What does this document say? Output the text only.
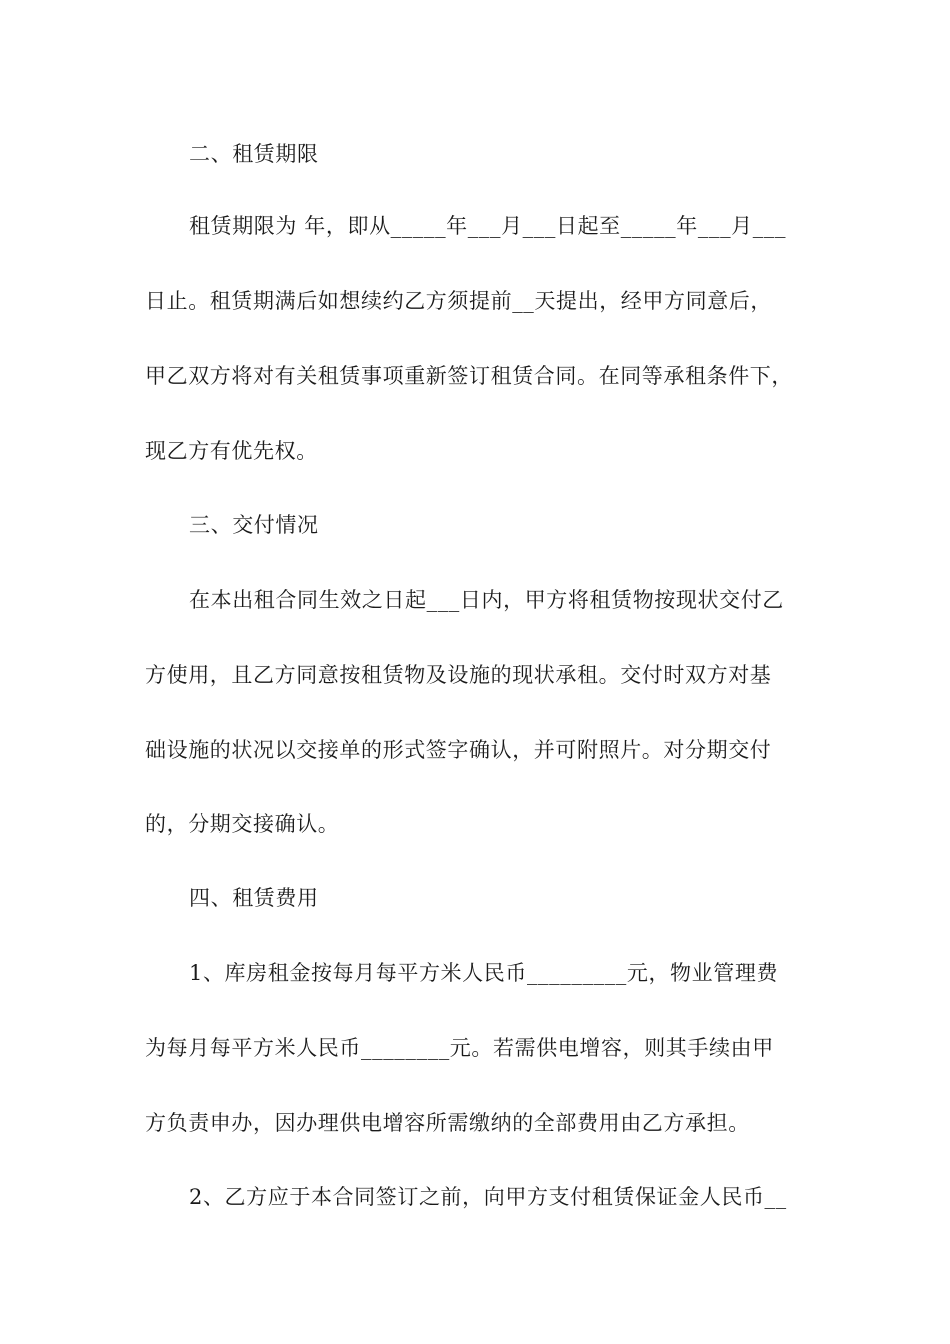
二、租赁期限
租赁期限为 年，即从_____年___月___日起至_____年___月___
日止。租赁期满后如想续约乙方须提前__天提出，经甲方同意后，
甲乙双方将对有关租赁事项重新签订租赁合同。在同等承租条件下，
现乙方有优先权。
三、交付情况
在本出租合同生效之日起___日内，甲方将租赁物按现状交付乙
方使用，且乙方同意按租赁物及设施的现状承租。交付时双方对基
础设施的状况以交接单的形式签字确认，并可附照片。对分期交付
的，分期交接确认。
四、租赁费用
1、库房租金按每月每平方米人民币_________元，物业管理费
为每月每平方米人民币________元。若需供电增容，则其手续由甲
方负责申办，因办理供电增容所需缴纳的全部费用由乙方承担。
2、乙方应于本合同签订之前，向甲方支付租赁保证金人民币__
